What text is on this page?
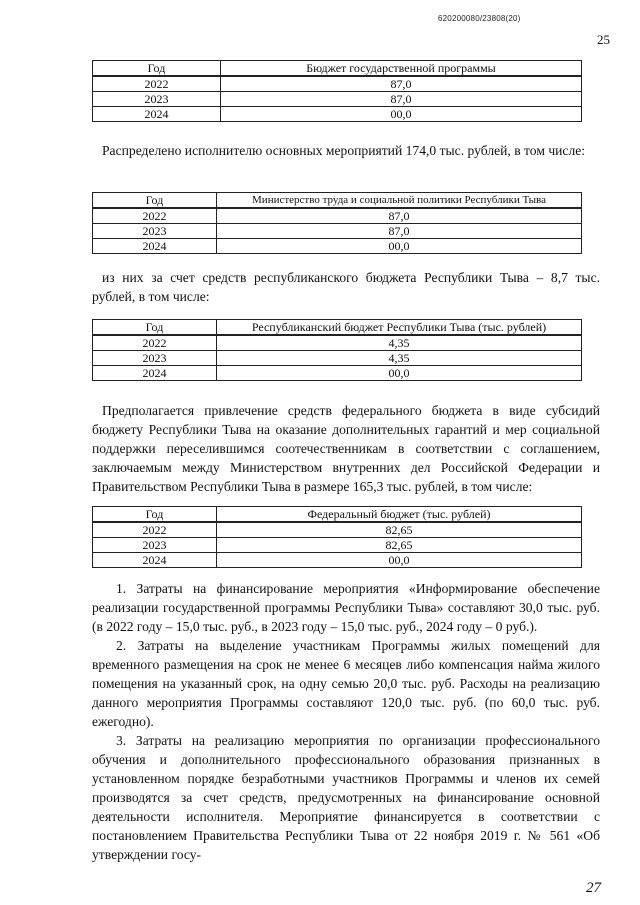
620200080/23808(20)
25
Год	Бюджет государственной программы
2022	87,0
2023	87,0
2024	00,0

Распределено исполнителю основных мероприятий 174,0 тыс. рублей, в том числе:

Год	Министерство труда и социальной политики Республики Тыва
2022	87,0
2023	87,0
2024	00,0

из них за счет средств республиканского бюджета Республики Тыва – 8,7 тыс. рублей, в том числе:

Год	Республиканский бюджет Республики Тыва (тыс. рублей)
2022	4,35
2023	4,35
2024	00,0

Предполагается привлечение средств федерального бюджета в виде субсидий бюджету Республики Тыва на оказание дополнительных гарантий и мер социальной поддержки переселившимся соотечественникам в соответствии с соглашением, заключаемым между Министерством внутренних дел Российской Федерации и Правительством Республики Тыва в размере 165,3 тыс. рублей, в том числе:

Год	Федеральный бюджет (тыс. рублей)
2022	82,65
2023	82,65
2024	00,0

1. Затраты на финансирование мероприятия «Информирование обеспечение реализации государственной программы Республики Тыва» составляют 30,0 тыс. руб. (в 2022 году – 15,0 тыс. руб., в 2023 году – 15,0 тыс. руб., 2024 году – 0 руб.).

2. Затраты на выделение участникам Программы жилых помещений для временного размещения на срок не менее 6 месяцев либо компенсация найма жилого помещения на указанный срок, на одну семью 20,0 тыс. руб. Расходы на реализацию данного мероприятия Программы составляют 120,0 тыс. руб. (по 60,0 тыс. руб. ежегодно).

3. Затраты на реализацию мероприятия по организации профессионального обучения и дополнительного профессионального образования признанных в установленном порядке безработными участников Программы и членов их семей производятся за счет средств, предусмотренных на финансирование основной деятельности исполнителя. Мероприятие финансируется в соответствии с постановлением Правительства Республики Тыва от 22 ноября 2019 г. № 561 «Об утверждении госу-

27
